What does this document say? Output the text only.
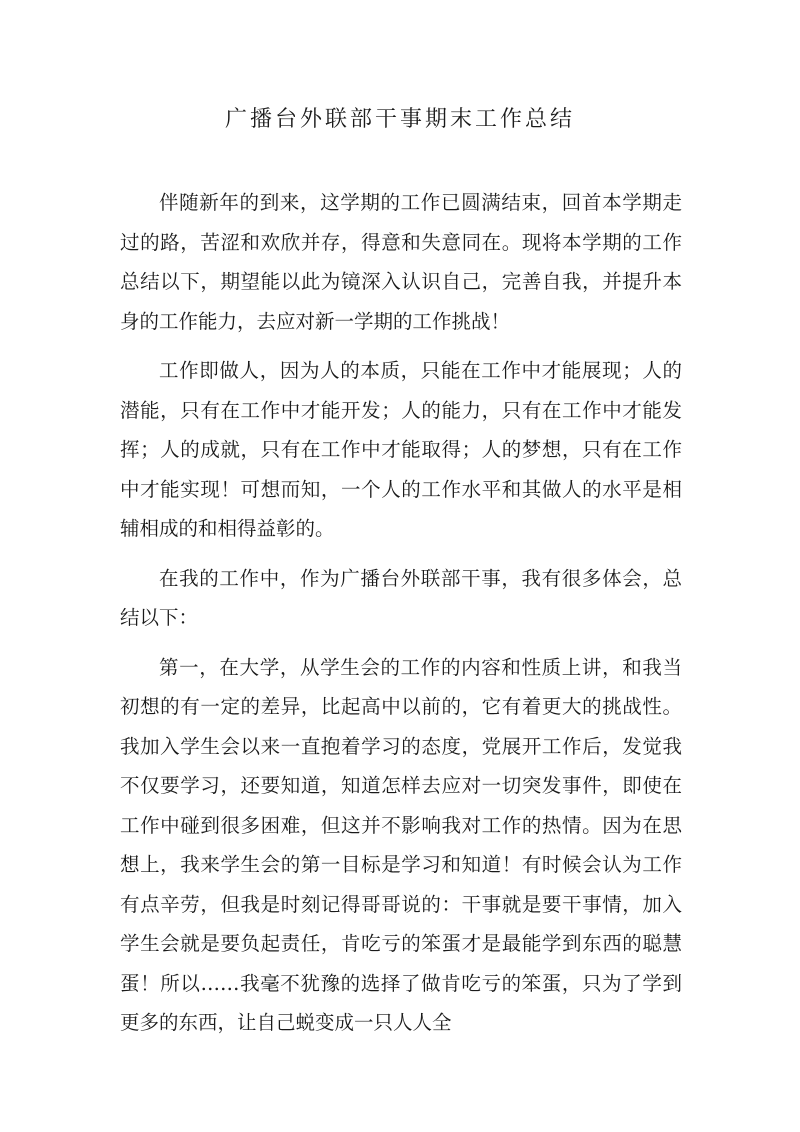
广播台外联部干事期末工作总结

伴随新年的到来，这学期的工作已圆满结束，回首本学期走过的路，苦涩和欢欣并存，得意和失意同在。现将本学期的工作总结以下，期望能以此为镜深入认识自己，完善自我，并提升本身的工作能力，去应对新一学期的工作挑战！

工作即做人，因为人的本质，只能在工作中才能展现；人的潜能，只有在工作中才能开发；人的能力，只有在工作中才能发挥；人的成就，只有在工作中才能取得；人的梦想，只有在工作中才能实现！可想而知，一个人的工作水平和其做人的水平是相辅相成的和相得益彰的。

在我的工作中，作为广播台外联部干事，我有很多体会，总结以下：

第一，在大学，从学生会的工作的内容和性质上讲，和我当初想的有一定的差异，比起高中以前的，它有着更大的挑战性。我加入学生会以来一直抱着学习的态度，党展开工作后，发觉我不仅要学习，还要知道，知道怎样去应对一切突发事件，即使在工作中碰到很多困难，但这并不影响我对工作的热情。因为在思想上，我来学生会的第一目标是学习和知道！有时候会认为工作有点辛劳，但我是时刻记得哥哥说的：干事就是要干事情，加入学生会就是要负起责任，肯吃亏的笨蛋才是最能学到东西的聪慧蛋！所以……我毫不犹豫的选择了做肯吃亏的笨蛋，只为了学到更多的东西，让自己蜕变成一只人人全
